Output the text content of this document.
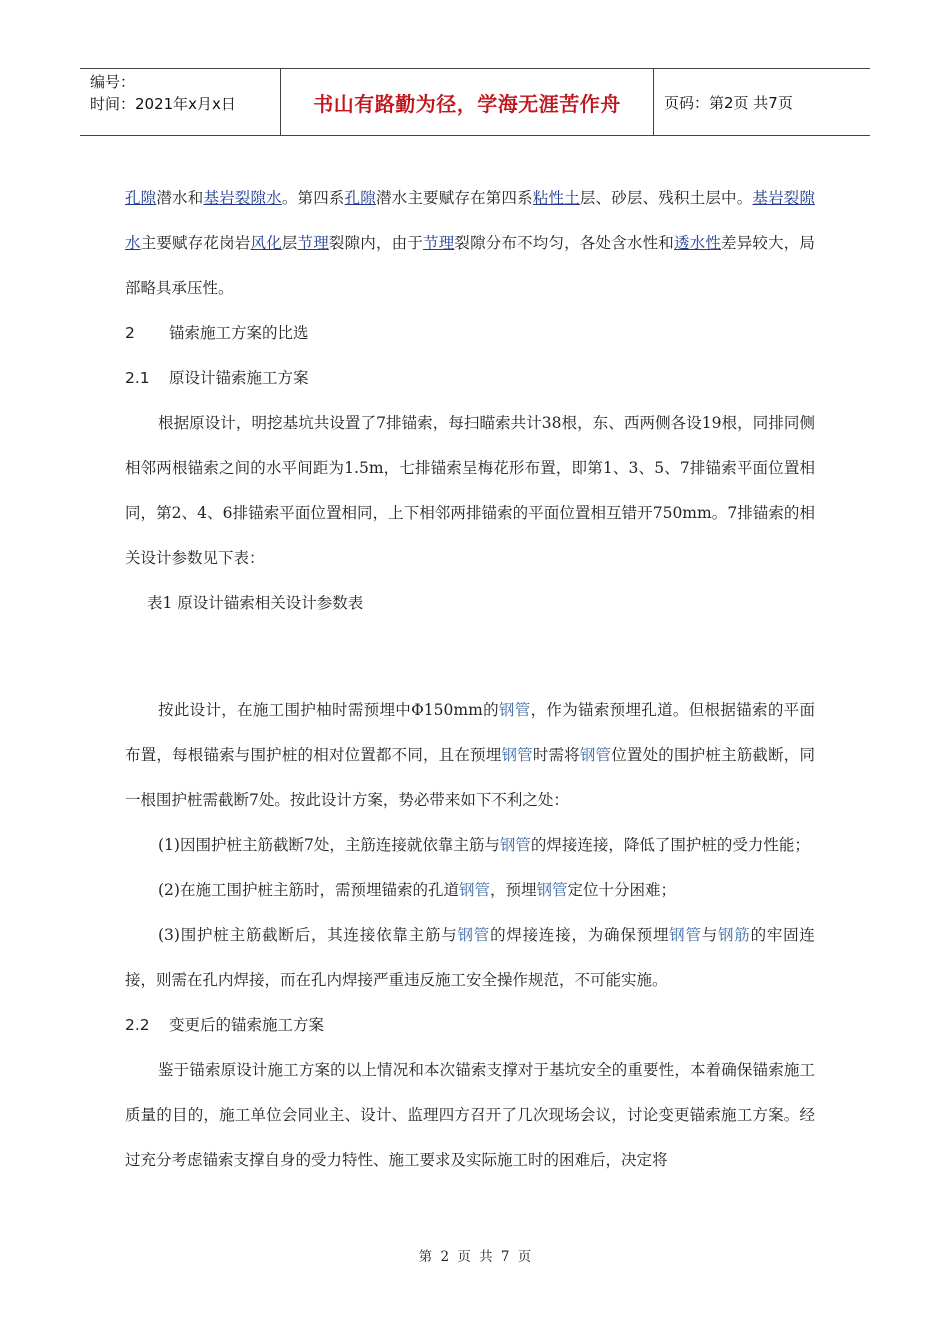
编号：
时间：2021年x月x日	书山有路勤为径，学海无涯苦作舟	页码：第2页 共7页

孔隙潜水和基岩裂隙水。第四系孔隙潜水主要赋存在第四系粘性土层、砂层、残积土层中。基岩裂隙水主要赋存花岗岩风化层节理裂隙内，由于节理裂隙分布不均匀，各处含水性和透水性差异较大，局部略具承压性。

2 锚索施工方案的比选

2.1 原设计锚索施工方案

根据原设计，明挖基坑共设置了7排锚索，每扫瞄索共计38根，东、西两侧各设19根，同排同侧相邻两根锚索之间的水平间距为1.5m，七排锚索呈梅花形布置，即第1、3、5、7排锚索平面位置相同，第2、4、6排锚索平面位置相同，上下相邻两排锚索的平面位置相互错开750mm。7排锚索的相关设计参数见下表：

表1 原设计锚索相关设计参数表

按此设计，在施工围护柚时需预埋中Φ150mm的钢管，作为锚索预埋孔道。但根据锚索的平面布置，每根锚索与围护桩的相对位置都不同，且在预埋钢管时需将钢管位置处的围护桩主筋截断，同一根围护桩需截断7处。按此设计方案，势必带来如下不利之处：

(1)因围护桩主筋截断7处，主筋连接就依靠主筋与钢管的焊接连接，降低了围护桩的受力性能；

(2)在施工围护桩主筋时，需预埋锚索的孔道钢管，预埋钢管定位十分困难；

(3)围护桩主筋截断后，其连接依靠主筋与钢管的焊接连接，为确保预埋钢管与钢筋的牢固连接，则需在孔内焊接，而在孔内焊接严重违反施工安全操作规范，不可能实施。

2.2 变更后的锚索施工方案

鉴于锚索原设计施工方案的以上情况和本次锚索支撑对于基坑安全的重要性，本着确保锚索施工质量的目的，施工单位会同业主、设计、监理四方召开了几次现场会议，讨论变更锚索施工方案。经过充分考虑锚索支撑自身的受力特性、施工要求及实际施工时的困难后，决定将

第 2 页 共 7 页
